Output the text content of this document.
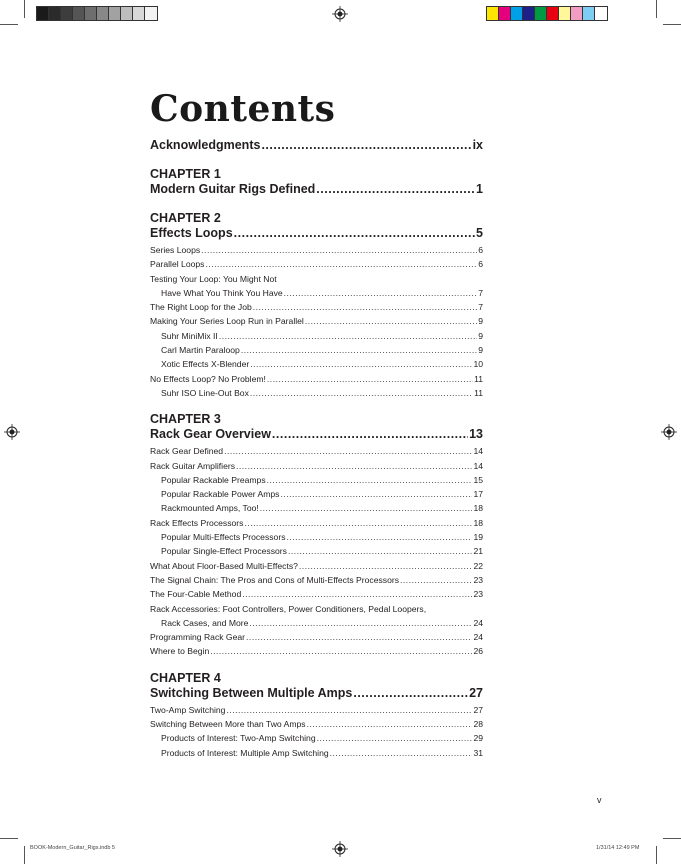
Contents
Acknowledgments .....	ix
CHAPTER 1
Modern Guitar Rigs Defined .....	1
CHAPTER 2
Effects Loops .....	5
Series Loops .....	6
Parallel Loops .....	6
Testing Your Loop: You Might Not
Have What You Think You Have .....	7
The Right Loop for the Job .....	7
Making Your Series Loop Run in Parallel .....	9
Suhr MiniMix II .....	9
Carl Martin Paraloop .....	9
Xotic Effects X-Blender .....	10
No Effects Loop? No Problem! .....	11
Suhr ISO Line-Out Box .....	11
CHAPTER 3
Rack Gear Overview .....	13
Rack Gear Defined .....	14
Rack Guitar Amplifiers .....	14
Popular Rackable Preamps .....	15
Popular Rackable Power Amps .....	17
Rackmounted Amps, Too! .....	18
Rack Effects Processors .....	18
Popular Multi-Effects Processors .....	19
Popular Single-Effect Processors .....	21
What About Floor-Based Multi-Effects? .....	22
The Signal Chain: The Pros and Cons of Multi-Effects Processors .....	23
The Four-Cable Method .....	23
Rack Accessories: Foot Controllers, Power Conditioners, Pedal Loopers,
Rack Cases, and More .....	24
Programming Rack Gear .....	24
Where to Begin .....	26
CHAPTER 4
Switching Between Multiple Amps .....	27
Two-Amp Switching .....	27
Switching Between More than Two Amps .....	28
Products of Interest: Two-Amp Switching .....	29
Products of Interest: Multiple Amp Switching .....	31
v
BOOK-Modern_Guitar_Rigs.indb 5	1/31/14 12:49 PM
